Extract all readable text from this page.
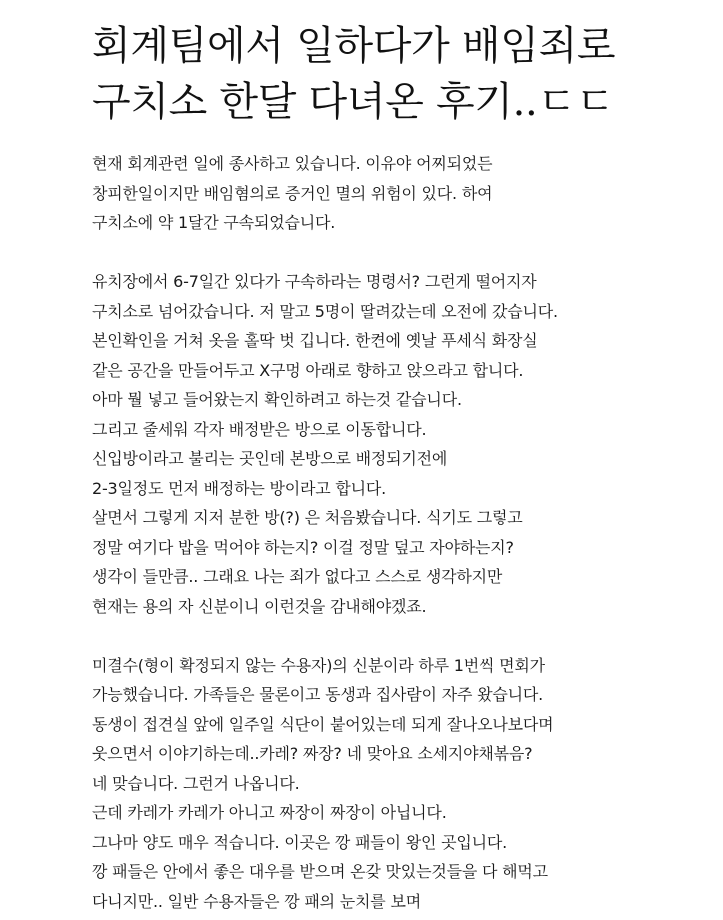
회계팀에서 일하다가 배임죄로
구치소 한달 다녀온 후기..ㄷㄷ
현재 회계관련 일에 종사하고 있습니다. 이유야 어찌되었든
창피한일이지만 배임혐의로 증거인 멸의 위험이 있다. 하여
구치소에 약 1달간 구속되었습니다.
유치장에서 6-7일간 있다가 구속하라는 명령서? 그런게 떨어지자
구치소로 넘어갔습니다. 저 말고 5명이 딸려갔는데 오전에 갔습니다.
본인확인을 거쳐 옷을 홀딱 벗 깁니다. 한켠에 옛날 푸세식 화장실
같은 공간을 만들어두고 X구멍 아래로 향하고 앉으라고 합니다.
아마 뭘 넣고 들어왔는지 확인하려고 하는것 같습니다.
그리고 줄세워 각자 배정받은 방으로 이동합니다.
신입방이라고 불리는 곳인데 본방으로 배정되기전에
2-3일정도 먼저 배정하는 방이라고 합니다.
살면서 그렇게 지저 분한 방(?) 은 처음봤습니다. 식기도 그렇고
정말 여기다 밥을 먹어야 하는지? 이걸 정말 덮고 자야하는지?
생각이 들만큼.. 그래요 나는 죄가 없다고 스스로 생각하지만
현재는 용의 자 신분이니 이런것을 감내해야겠죠.
미결수(형이 확정되지 않는 수용자)의 신분이라 하루 1번씩 면회가
가능했습니다. 가족들은 물론이고 동생과 집사람이 자주 왔습니다.
동생이 접견실 앞에 일주일 식단이 붙어있는데 되게 잘나오나보다며
웃으면서 이야기하는데..카레? 짜장? 네 맞아요 소세지야채볶음?
네 맞습니다. 그런거 나옵니다.
근데 카레가 카레가 아니고 짜장이 짜장이 아닙니다.
그나마 양도 매우 적습니다. 이곳은 깡 패들이 왕인 곳입니다.
깡 패들은 안에서 좋은 대우를 받으며 온갖 맛있는것들을 다 해먹고
다니지만.. 일반 수용자들은 깡 패의 눈치를 보며
